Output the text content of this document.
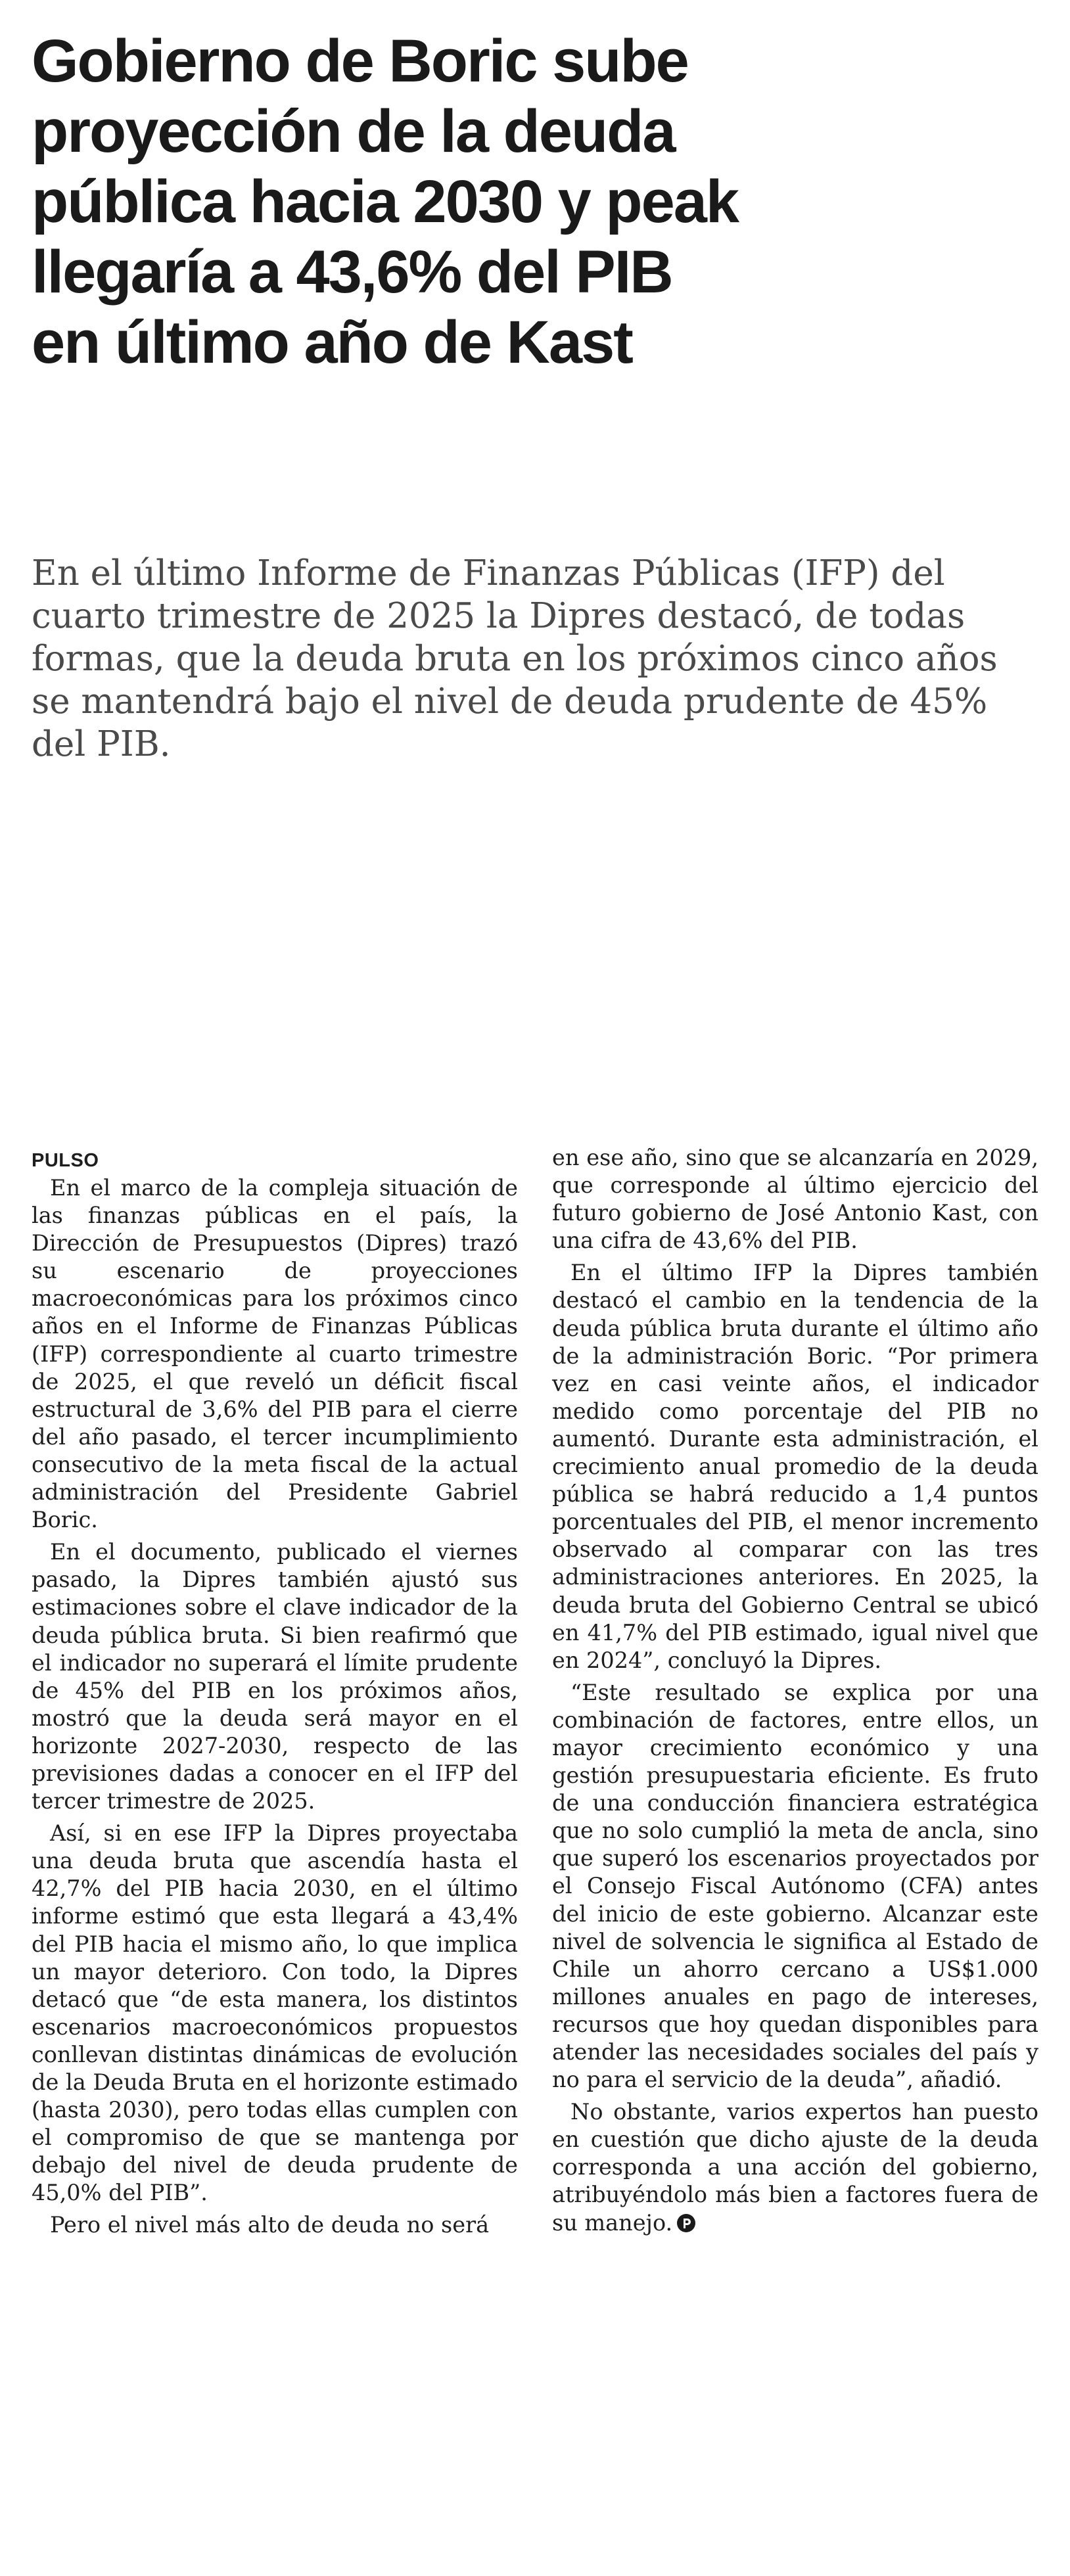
Gobierno de Boric sube
proyección de la deuda
pública hacia 2030 y peak
llegaría a 43,6% del PIB
en último año de Kast

En el último Informe de Finanzas Públicas (IFP) del
cuarto trimestre de 2025 la Dipres destacó, de todas
formas, que la deuda bruta en los próximos cinco años
se mantendrá bajo el nivel de deuda prudente de 45%
del PIB.

PULSO

En el marco de la compleja situación de las finanzas públicas en el país, la Dirección de Presupuestos (Dipres) trazó su escenario de proyecciones macroeconómicas para los próximos cinco años en el Informe de Finanzas Públicas (IFP) correspondiente al cuarto trimestre de 2025, el que reveló un déficit fiscal estructural de 3,6% del PIB para el cierre del año pasado, el tercer incumplimiento consecutivo de la meta fiscal de la actual administración del Presidente Gabriel Boric.

En el documento, publicado el viernes pasado, la Dipres también ajustó sus estimaciones sobre el clave indicador de la deuda pública bruta. Si bien reafirmó que el indicador no superará el límite prudente de 45% del PIB en los próximos años, mostró que la deuda será mayor en el horizonte 2027-2030, respecto de las previsiones dadas a conocer en el IFP del tercer trimestre de 2025.

Así, si en ese IFP la Dipres proyectaba una deuda bruta que ascendía hasta el 42,7% del PIB hacia 2030, en el último informe estimó que esta llegará a 43,4% del PIB hacia el mismo año, lo que implica un mayor deterioro. Con todo, la Dipres detacó que “de esta manera, los distintos escenarios macroeconómicos propuestos conllevan distintas dinámicas de evolución de la Deuda Bruta en el horizonte estimado (hasta 2030), pero todas ellas cumplen con el compromiso de que se mantenga por debajo del nivel de deuda prudente de 45,0% del PIB”.

Pero el nivel más alto de deuda no será

en ese año, sino que se alcanzaría en 2029, que corresponde al último ejercicio del futuro gobierno de José Antonio Kast, con una cifra de 43,6% del PIB.

En el último IFP la Dipres también destacó el cambio en la tendencia de la deuda pública bruta durante el último año de la administración Boric. “Por primera vez en casi veinte años, el indicador medido como porcentaje del PIB no aumentó. Durante esta administración, el crecimiento anual promedio de la deuda pública se habrá reducido a 1,4 puntos porcentuales del PIB, el menor incremento observado al comparar con las tres administraciones anteriores. En 2025, la deuda bruta del Gobierno Central se ubicó en 41,7% del PIB estimado, igual nivel que en 2024”, concluyó la Dipres.

“Este resultado se explica por una combinación de factores, entre ellos, un mayor crecimiento económico y una gestión presupuestaria eficiente. Es fruto de una conducción financiera estratégica que no solo cumplió la meta de ancla, sino que superó los escenarios proyectados por el Consejo Fiscal Autónomo (CFA) antes del inicio de este gobierno. Alcanzar este nivel de solvencia le significa al Estado de Chile un ahorro cercano a US$1.000 millones anuales en pago de intereses, recursos que hoy quedan disponibles para atender las necesidades sociales del país y no para el servicio de la deuda”, añadió.

No obstante, varios expertos han puesto en cuestión que dicho ajuste de la deuda corresponda a una acción del gobierno, atribuyéndolo más bien a factores fuera de su manejo.
